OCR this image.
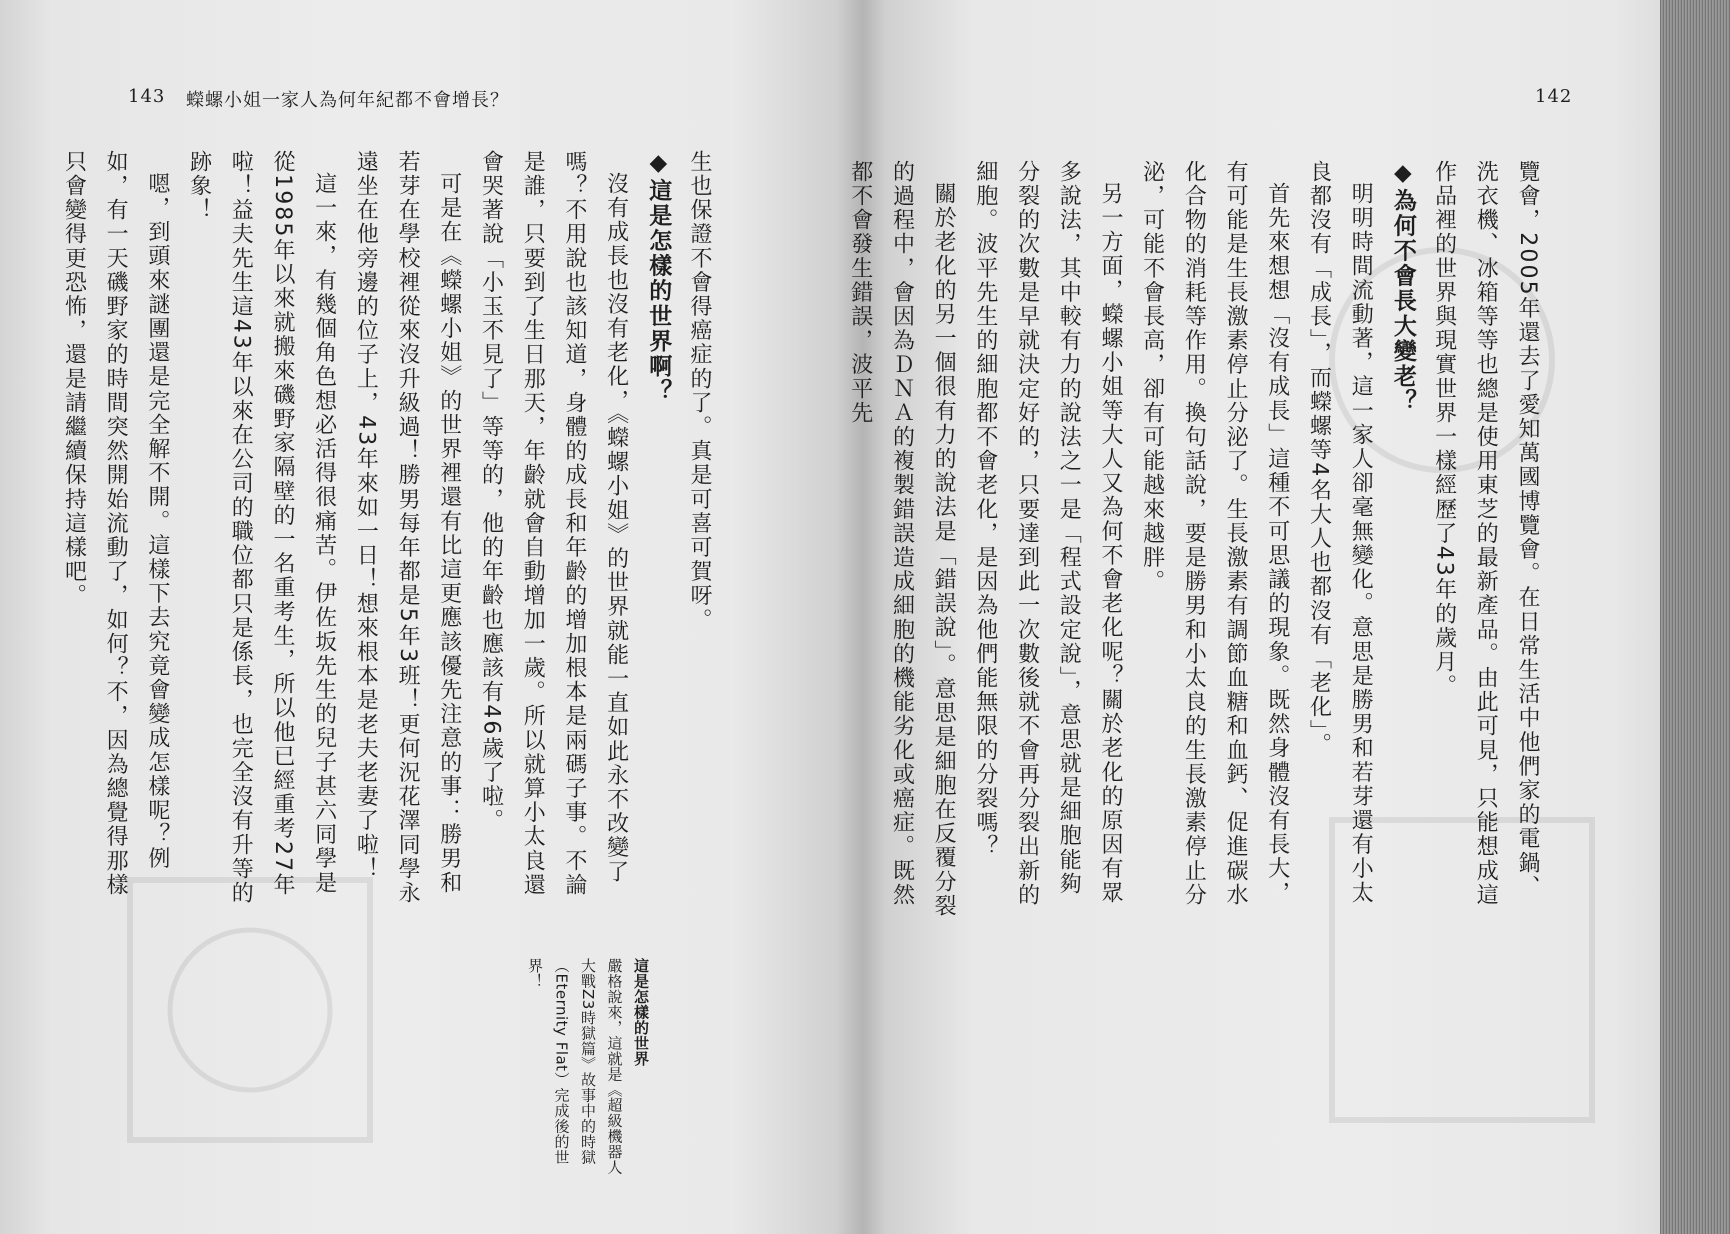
143 蠑螺小姐一家人為何年紀都不會增長？	142

覽會，2005年還去了愛知萬國博覽會。在日常生活中他們家的電鍋、洗衣機、冰箱等等也總是使用東芝的最新產品。由此可見，只能想成這作品裡的世界與現實世界一樣經歷了43年的歲月。

◆為何不會長大變老？

明明時間流動著，這一家人卻毫無變化。意思是勝男和若芽還有小太良都沒有「成長」，而蠑螺等4名大人也都沒有「老化」。

首先來想想「沒有成長」這種不可思議的現象。既然身體沒有長大，有可能是生長激素停止分泌了。生長激素有調節血糖和血鈣、促進碳水化合物的消耗等作用。換句話說，要是勝男和小太良的生長激素停止分泌，可能不會長高，卻有可能越來越胖。

另一方面，蠑螺小姐等大人又為何不會老化呢？關於老化的原因有眾多說法，其中較有力的說法之一是「程式設定說」，意思就是細胞能夠分裂的次數是早就決定好的，只要達到此一次數後就不會再分裂出新的細胞。波平先生的細胞都不會老化，是因為他們能無限的分裂嗎？

關於老化的另一個很有力的說法是「錯誤說」。意思是細胞在反覆分裂的過程中，會因為ＤＮＡ的複製錯誤造成細胞的機能劣化或癌症。既然都不會發生錯誤，波平先

生也保證不會得癌症的了。真是可喜可賀呀。

◆這是怎樣的世界啊？

沒有成長也沒有老化，《蠑螺小姐》的世界就能一直如此永不改變了嗎？不用說也該知道，身體的成長和年齡的增加根本是兩碼子事。不論是誰，只要到了生日那天，年齡就會自動增加一歲。所以就算小太良還會哭著說「小玉不見了」等等的，他的年齡也應該有46歲了啦。

可是在《蠑螺小姐》的世界裡還有比這更應該優先注意的事：勝男和若芽在學校裡從來沒升級過！勝男每年都是5年3班！更何況花澤同學永遠坐在他旁邊的位子上，43年來如一日！想來根本是老夫老妻了啦！

這一來，有幾個角色想必活得很痛苦。伊佐坂先生的兒子甚六同學是從1985年以來就搬來磯野家隔壁的一名重考生，所以他已經重考27年啦！益夫先生這43年以來在公司的職位都只是係長，也完全沒有升等的跡象！

嗯，到頭來謎團還是完全解不開。這樣下去究竟會變成怎樣呢？例如，有一天磯野家的時間突然開始流動了，如何？不，因為總覺得那樣只會變得更恐怖，還是請繼續保持這樣吧。

這是怎樣的世界

嚴格說來，這就是《超級機器人大戰Z3時獄篇》故事中的時獄（Eternity Flat）完成後的世界！
